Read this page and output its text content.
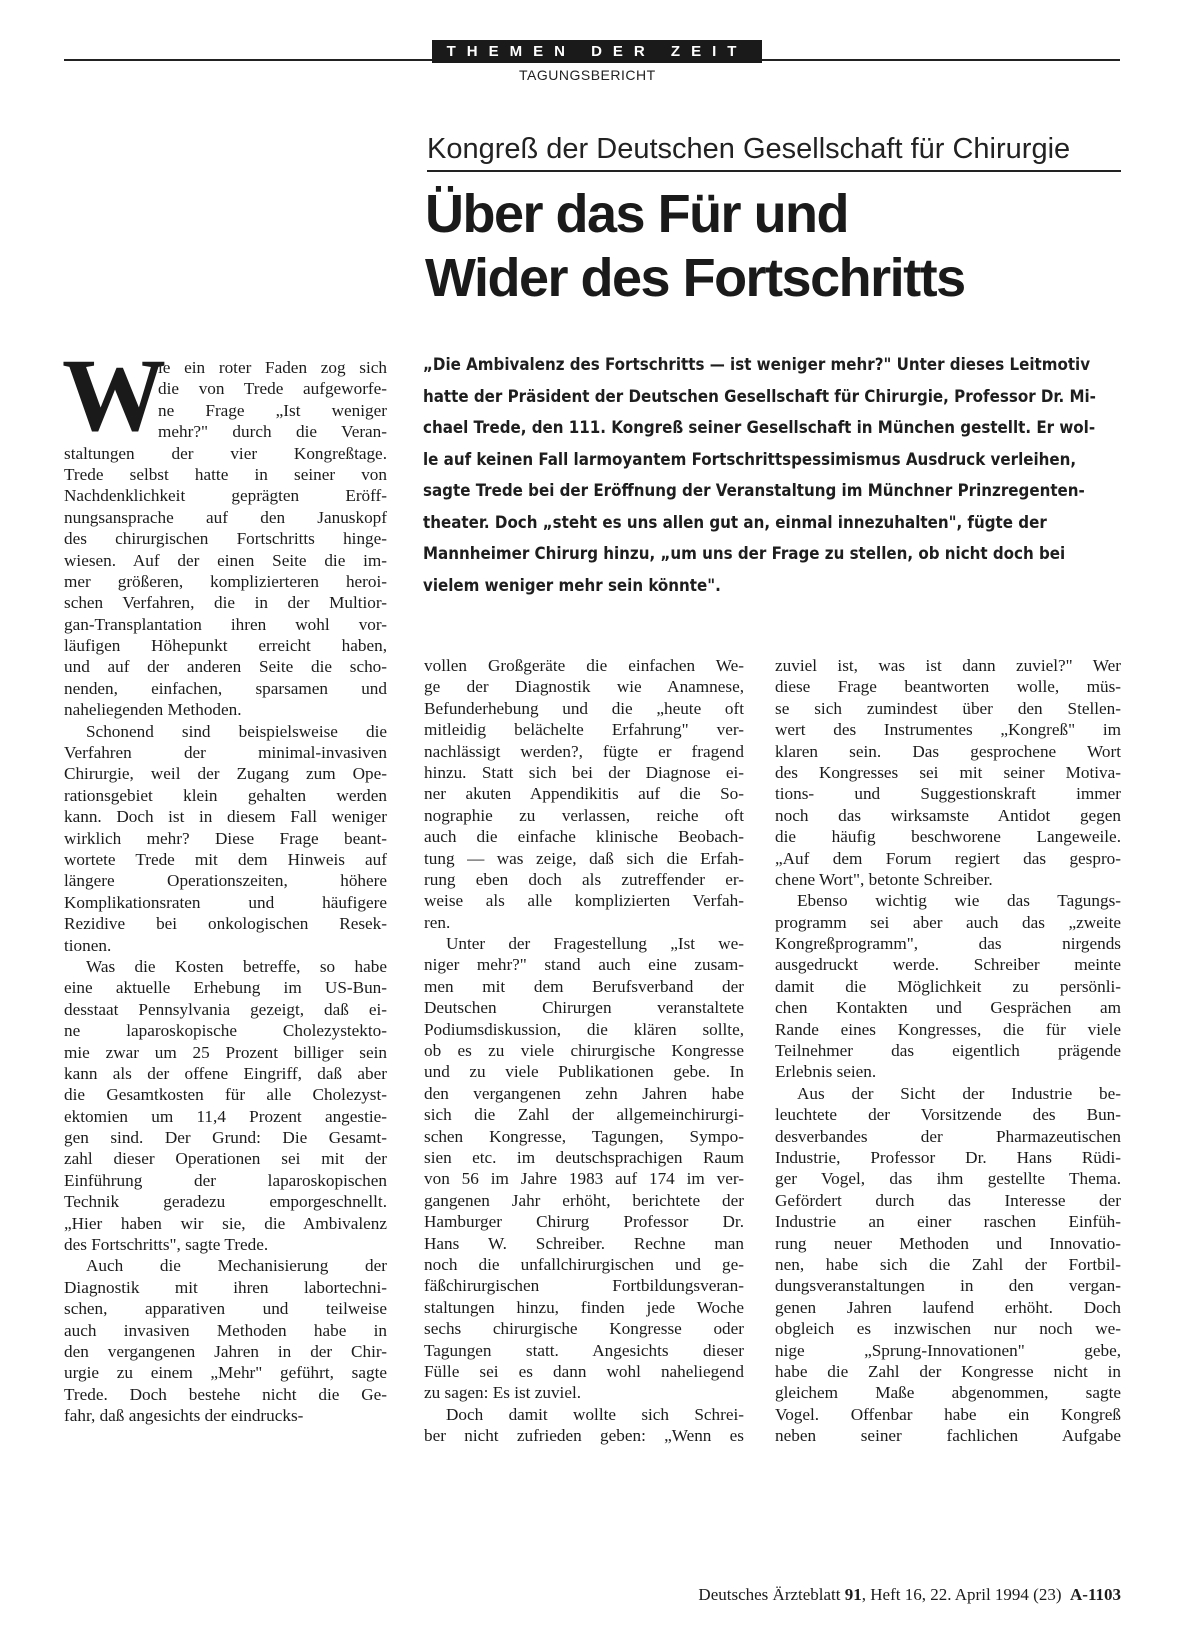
THEMEN DER ZEIT
TAGUNGSBERICHT
Kongreß der Deutschen Gesellschaft für Chirurgie
Über das Für und
Wider des Fortschritts
„Die Ambivalenz des Fortschritts — ist weniger mehr?" Unter dieses Leitmotiv
hatte der Präsident der Deutschen Gesellschaft für Chirurgie, Professor Dr. Mi-
chael Trede, den 111. Kongreß seiner Gesellschaft in München gestellt. Er wol-
le auf keinen Fall larmoyantem Fortschrittspessimismus Ausdruck verleihen,
sagte Trede bei der Eröffnung der Veranstaltung im Münchner Prinzregenten-
theater. Doch „steht es uns allen gut an, einmal innezuhalten", fügte der
Mannheimer Chirurg hinzu, „um uns der Frage zu stellen, ob nicht doch bei
vielem weniger mehr sein könnte".
W
ie ein roter Faden zog sich
die von Trede aufgeworfe-
ne Frage „Ist weniger
mehr?" durch die Veran-
staltungen der vier Kongreßtage.
Trede selbst hatte in seiner von
Nachdenklichkeit geprägten Eröff-
nungsansprache auf den Januskopf
des chirurgischen Fortschritts hinge-
wiesen. Auf der einen Seite die im-
mer größeren, komplizierteren heroi-
schen Verfahren, die in der Multior-
gan-Transplantation ihren wohl vor-
läufigen Höhepunkt erreicht haben,
und auf der anderen Seite die scho-
nenden, einfachen, sparsamen und
naheliegenden Methoden.
Schonend sind beispielsweise die
Verfahren der minimal-invasiven
Chirurgie, weil der Zugang zum Ope-
rationsgebiet klein gehalten werden
kann. Doch ist in diesem Fall weniger
wirklich mehr? Diese Frage beant-
wortete Trede mit dem Hinweis auf
längere Operationszeiten, höhere
Komplikationsraten und häufigere
Rezidive bei onkologischen Resek-
tionen.
Was die Kosten betreffe, so habe
eine aktuelle Erhebung im US-Bun-
desstaat Pennsylvania gezeigt, daß ei-
ne laparoskopische Cholezystekto-
mie zwar um 25 Prozent billiger sein
kann als der offene Eingriff, daß aber
die Gesamtkosten für alle Cholezyst-
ektomien um 11,4 Prozent angestie-
gen sind. Der Grund: Die Gesamt-
zahl dieser Operationen sei mit der
Einführung der laparoskopischen
Technik geradezu emporgeschnellt.
„Hier haben wir sie, die Ambivalenz
des Fortschritts", sagte Trede.
Auch die Mechanisierung der
Diagnostik mit ihren labortechni-
schen, apparativen und teilweise
auch invasiven Methoden habe in
den vergangenen Jahren in der Chir-
urgie zu einem „Mehr" geführt, sagte
Trede. Doch bestehe nicht die Ge-
fahr, daß angesichts der eindrucks-
vollen Großgeräte die einfachen We-
ge der Diagnostik wie Anamnese,
Befunderhebung und die „heute oft
mitleidig belächelte Erfahrung" ver-
nachlässigt werden?, fügte er fragend
hinzu. Statt sich bei der Diagnose ei-
ner akuten Appendikitis auf die So-
nographie zu verlassen, reiche oft
auch die einfache klinische Beobach-
tung — was zeige, daß sich die Erfah-
rung eben doch als zutreffender er-
weise als alle komplizierten Verfah-
ren.
Unter der Fragestellung „Ist we-
niger mehr?" stand auch eine zusam-
men mit dem Berufsverband der
Deutschen Chirurgen veranstaltete
Podiumsdiskussion, die klären sollte,
ob es zu viele chirurgische Kongresse
und zu viele Publikationen gebe. In
den vergangenen zehn Jahren habe
sich die Zahl der allgemeinchirurgi-
schen Kongresse, Tagungen, Sympo-
sien etc. im deutschsprachigen Raum
von 56 im Jahre 1983 auf 174 im ver-
gangenen Jahr erhöht, berichtete der
Hamburger Chirurg Professor Dr.
Hans W. Schreiber. Rechne man
noch die unfallchirurgischen und ge-
fäßchirurgischen Fortbildungsveran-
staltungen hinzu, finden jede Woche
sechs chirurgische Kongresse oder
Tagungen statt. Angesichts dieser
Fülle sei es dann wohl naheliegend
zu sagen: Es ist zuviel.
Doch damit wollte sich Schrei-
ber nicht zufrieden geben: „Wenn es
zuviel ist, was ist dann zuviel?" Wer
diese Frage beantworten wolle, müs-
se sich zumindest über den Stellen-
wert des Instrumentes „Kongreß" im
klaren sein. Das gesprochene Wort
des Kongresses sei mit seiner Motiva-
tions- und Suggestionskraft immer
noch das wirksamste Antidot gegen
die häufig beschworene Langeweile.
„Auf dem Forum regiert das gespro-
chene Wort", betonte Schreiber.
Ebenso wichtig wie das Tagungs-
programm sei aber auch das „zweite
Kongreßprogramm", das nirgends
ausgedruckt werde. Schreiber meinte
damit die Möglichkeit zu persönli-
chen Kontakten und Gesprächen am
Rande eines Kongresses, die für viele
Teilnehmer das eigentlich prägende
Erlebnis seien.
Aus der Sicht der Industrie be-
leuchtete der Vorsitzende des Bun-
desverbandes der Pharmazeutischen
Industrie, Professor Dr. Hans Rüdi-
ger Vogel, das ihm gestellte Thema.
Gefördert durch das Interesse der
Industrie an einer raschen Einfüh-
rung neuer Methoden und Innovatio-
nen, habe sich die Zahl der Fortbil-
dungsveranstaltungen in den vergan-
genen Jahren laufend erhöht. Doch
obgleich es inzwischen nur noch we-
nige „Sprung-Innovationen" gebe,
habe die Zahl der Kongresse nicht in
gleichem Maße abgenommen, sagte
Vogel. Offenbar habe ein Kongreß
neben seiner fachlichen Aufgabe
Deutsches Ärzteblatt 91, Heft 16, 22. April 1994 (23) A-1103
